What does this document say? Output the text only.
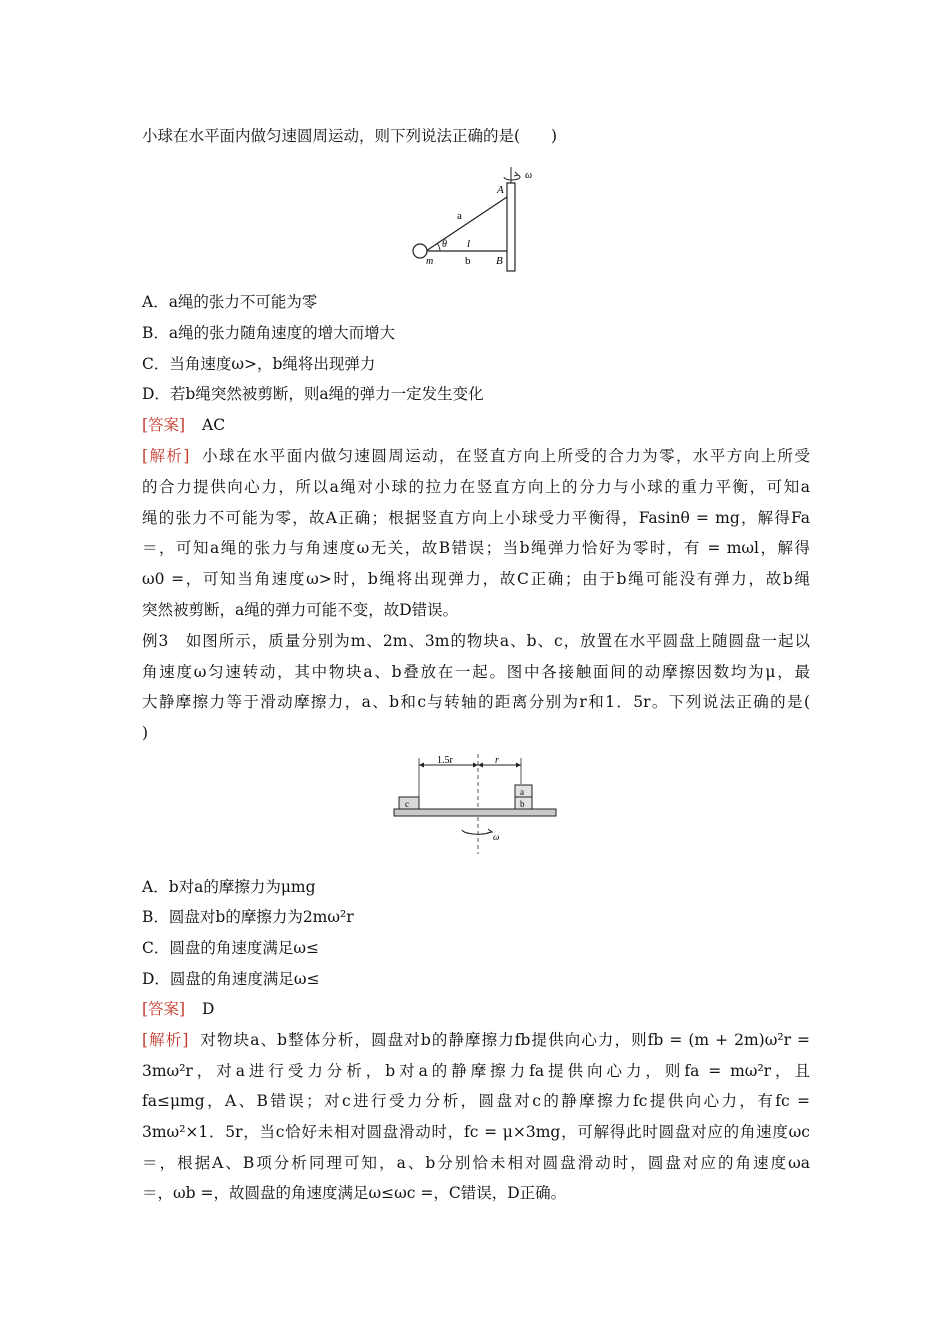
小球在水平面内做匀速圆周运动，则下列说法正确的是(　　)
ω
A
B
a
b
θ l
m
A．a绳的张力不可能为零
B．a绳的张力随角速度的增大而增大
C．当角速度ω>，b绳将出现弹力
D．若b绳突然被剪断，则a绳的弹力一定发生变化
[答案] AC
[解析] 小球在水平面内做匀速圆周运动，在竖直方向上所受的合力为零，水平方向上所受
的合力提供向心力，所以a绳对小球的拉力在竖直方向上的分力与小球的重力平衡，可知a
绳的张力不可能为零，故A正确；根据竖直方向上小球受力平衡得，Fasinθ = mg，解得Fa
＝，可知a绳的张力与角速度ω无关，故B错误；当b绳弹力恰好为零时，有 = mωl，解得
ω0 =，可知当角速度ω>时，b绳将出现弹力，故C正确；由于b绳可能没有弹力，故b绳
突然被剪断，a绳的弹力可能不变，故D错误。
例3　如图所示，质量分别为m、2m、3m的物块a、b、c，放置在水平圆盘上随圆盘一起以
角速度ω匀速转动，其中物块a、b叠放在一起。图中各接触面间的动摩擦因数均为μ，最
大静摩擦力等于滑动摩擦力，a、b和c与转轴的距离分别为r和1．5r。下列说法正确的是(
)
1.5r	r
c	b
a
ω
A．b对a的摩擦力为μmg
B．圆盘对b的摩擦力为2mω²r
C．圆盘的角速度满足ω≤
D．圆盘的角速度满足ω≤
[答案] D
[解析] 对物块a、b整体分析，圆盘对b的静摩擦力fb提供向心力，则fb = (m + 2m)ω²r =
3mω²r，对a进行受力分析，b对a的静摩擦力fa提供向心力，则fa = mω²r，且
fa≤μmg，A、B错误；对c进行受力分析，圆盘对c的静摩擦力fc提供向心力，有fc =
3mω²×1．5r，当c恰好未相对圆盘滑动时，fc = μ×3mg，可解得此时圆盘对应的角速度ωc
＝，根据A、B项分析同理可知，a、b分别恰未相对圆盘滑动时，圆盘对应的角速度ωa
＝，ωb =，故圆盘的角速度满足ω≤ωc =，C错误，D正确。
